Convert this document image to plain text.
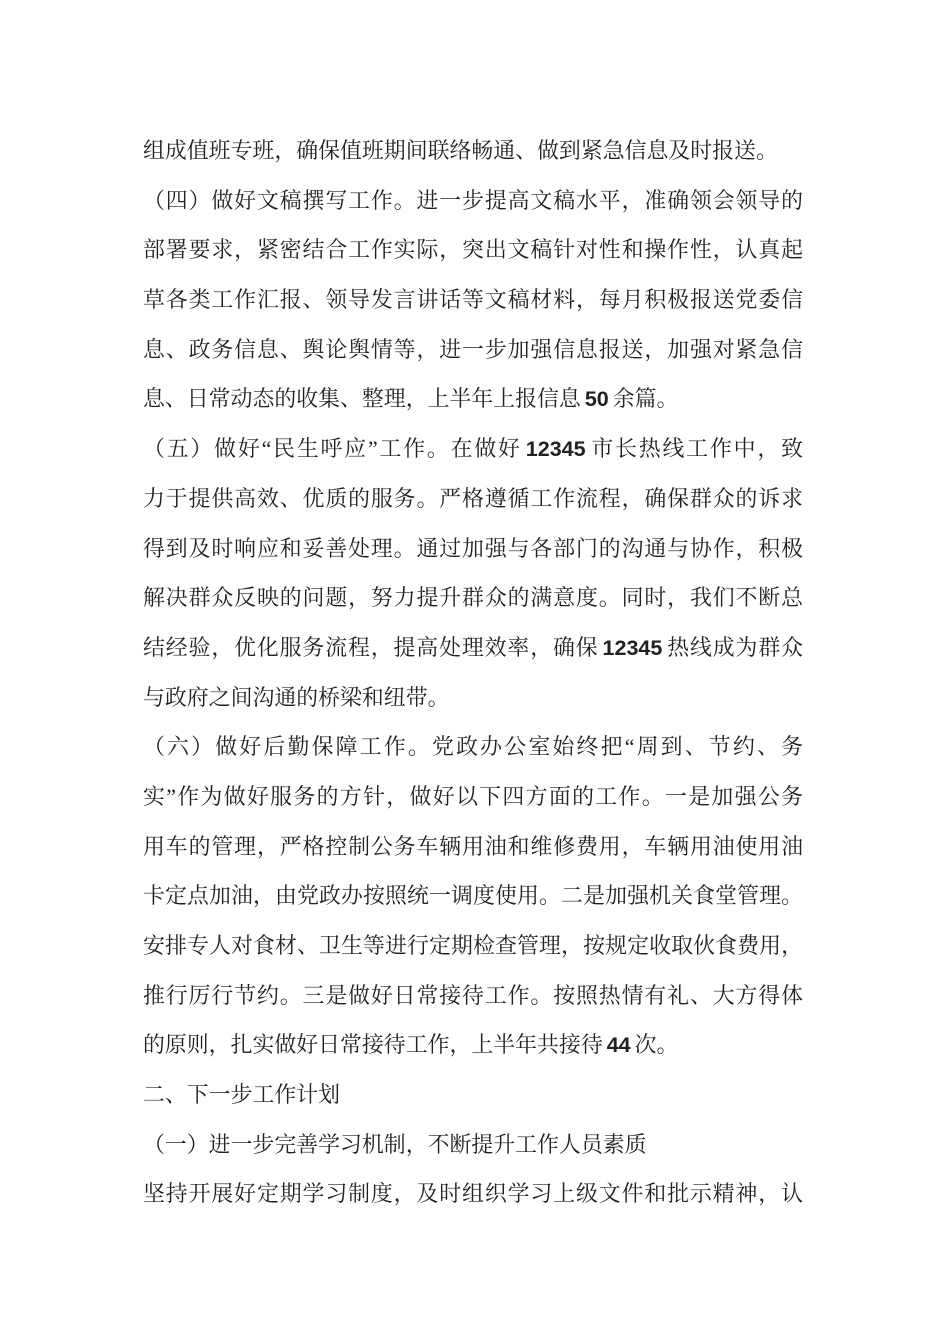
组成值班专班，确保值班期间联络畅通、做到紧急信息及时报送。
（四）做好文稿撰写工作。进一步提高文稿水平，准确领会领导的
部署要求，紧密结合工作实际，突出文稿针对性和操作性，认真起
草各类工作汇报、领导发言讲话等文稿材料，每月积极报送党委信
息、政务信息、舆论舆情等，进一步加强信息报送，加强对紧急信
息、日常动态的收集、整理，上半年上报信息 50 余篇。
（五）做好“民生呼应”工作。在做好 12345 市长热线工作中，致
力于提供高效、优质的服务。严格遵循工作流程，确保群众的诉求
得到及时响应和妥善处理。通过加强与各部门的沟通与协作，积极
解决群众反映的问题，努力提升群众的满意度。同时，我们不断总
结经验，优化服务流程，提高处理效率，确保 12345 热线成为群众
与政府之间沟通的桥梁和纽带。
（六）做好后勤保障工作。党政办公室始终把“周到、节约、务
实”作为做好服务的方针，做好以下四方面的工作。一是加强公务
用车的管理，严格控制公务车辆用油和维修费用，车辆用油使用油
卡定点加油，由党政办按照统一调度使用。二是加强机关食堂管理。
安排专人对食材、卫生等进行定期检查管理，按规定收取伙食费用，
推行厉行节约。三是做好日常接待工作。按照热情有礼、大方得体
的原则，扎实做好日常接待工作，上半年共接待 44 次。
二、下一步工作计划
（一）进一步完善学习机制，不断提升工作人员素质
坚持开展好定期学习制度，及时组织学习上级文件和批示精神，认
